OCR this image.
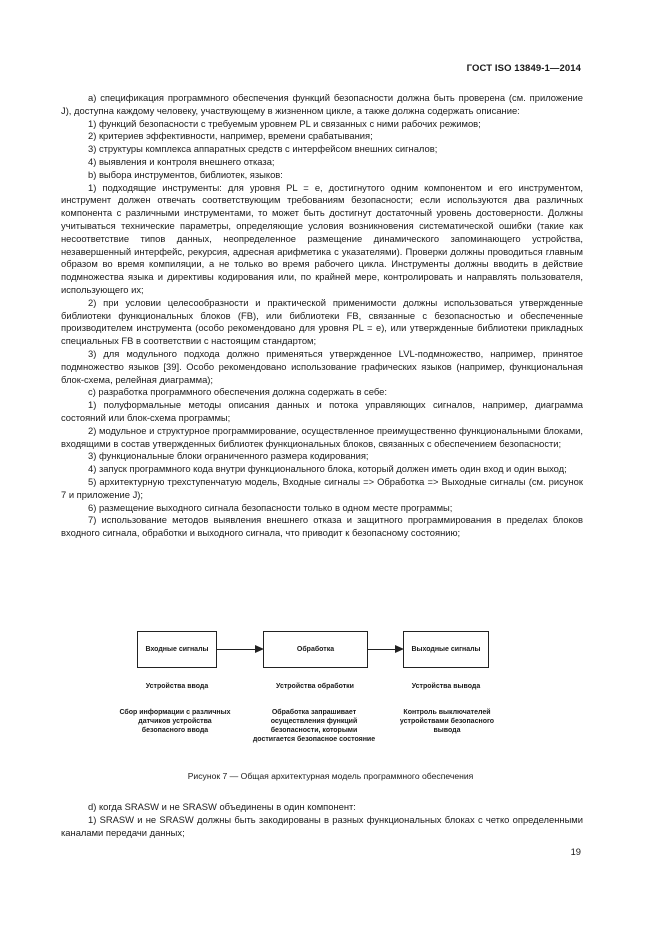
ГОСТ ISO 13849-1—2014

а) спецификация программного обеспечения функций безопасности должна быть проверена (см. приложение J), доступна каждому человеку, участвующему в жизненном цикле, а также должна содержать описание:

1) функций безопасности с требуемым уровнем PL и связанных с ними рабочих режимов;

2) критериев эффективности, например, времени срабатывания;

3) структуры комплекса аппаратных средств с интерфейсом внешних сигналов;

4) выявления и контроля внешнего отказа;

b) выбора инструментов, библиотек, языков:

1) подходящие инструменты: для уровня PL = e, достигнутого одним компонентом и его инструментом, инструмент должен отвечать соответствующим требованиям безопасности; если используются два различных компонента с различными инструментами, то может быть достигнут достаточный уровень достоверности. Должны учитываться технические параметры, определяющие условия возникновения систематической ошибки (такие как несоответствие типов данных, неопределенное размещение динамического запоминающего устройства, незавершенный интерфейс, рекурсия, адресная арифметика с указателями). Проверки должны проводиться главным образом во время компиляции, а не только во время рабочего цикла. Инструменты должны вводить в действие подмножества языка и директивы кодирования или, по крайней мере, контролировать и направлять пользователя, использующего их;

2) при условии целесообразности и практической применимости должны использоваться утвержденные библиотеки функциональных блоков (FB), или библиотеки FB, связанные с безопасностью и обеспеченные производителем инструмента (особо рекомендовано для уровня PL = e), или утвержденные библиотеки прикладных специальных FB в соответствии с настоящим стандартом;

3) для модульного подхода должно применяться утвержденное LVL-подмножество, например, принятое подмножество языков [39]. Особо рекомендовано использование графических языков (например, функциональная блок-схема, релейная диаграмма);

c) разработка программного обеспечения должна содержать в себе:

1) полуформальные методы описания данных и потока управляющих сигналов, например, диаграмма состояний или блок-схема программы;

2) модульное и структурное программирование, осуществленное преимущественно функциональными блоками, входящими в состав утвержденных библиотек функциональных блоков, связанных с обеспечением безопасности;

3) функциональные блоки ограниченного размера кодирования;

4) запуск программного кода внутри функционального блока, который должен иметь один вход и один выход;

5) архитектурную трехступенчатую модель, Входные сигналы => Обработка => Выходные сигналы (см. рисунок 7 и приложение J);

6) размещение выходного сигнала безопасности только в одном месте программы;

7) использование методов выявления внешнего отказа и защитного программирования в пределах блоков входного сигнала, обработки и выходного сигнала, что приводит к безопасному состоянию;

Входные сигналы	Обработка	Выходные сигналы
Устройства ввода	Устройства обработки	Устройства вывода
Сбор информации с различных датчиков устройства безопасного ввода
Обработка запрашивает осуществления функций безопасности, которыми достигается безопасное состояние
Контроль выключателей устройствами безопасного вывода
Рисунок 7 — Общая архитектурная модель программного обеспечения

d) когда SRASW и не SRASW объединены в один компонент:

1) SRASW и не SRASW должны быть закодированы в разных функциональных блоках с четко определенными каналами передачи данных;

19
